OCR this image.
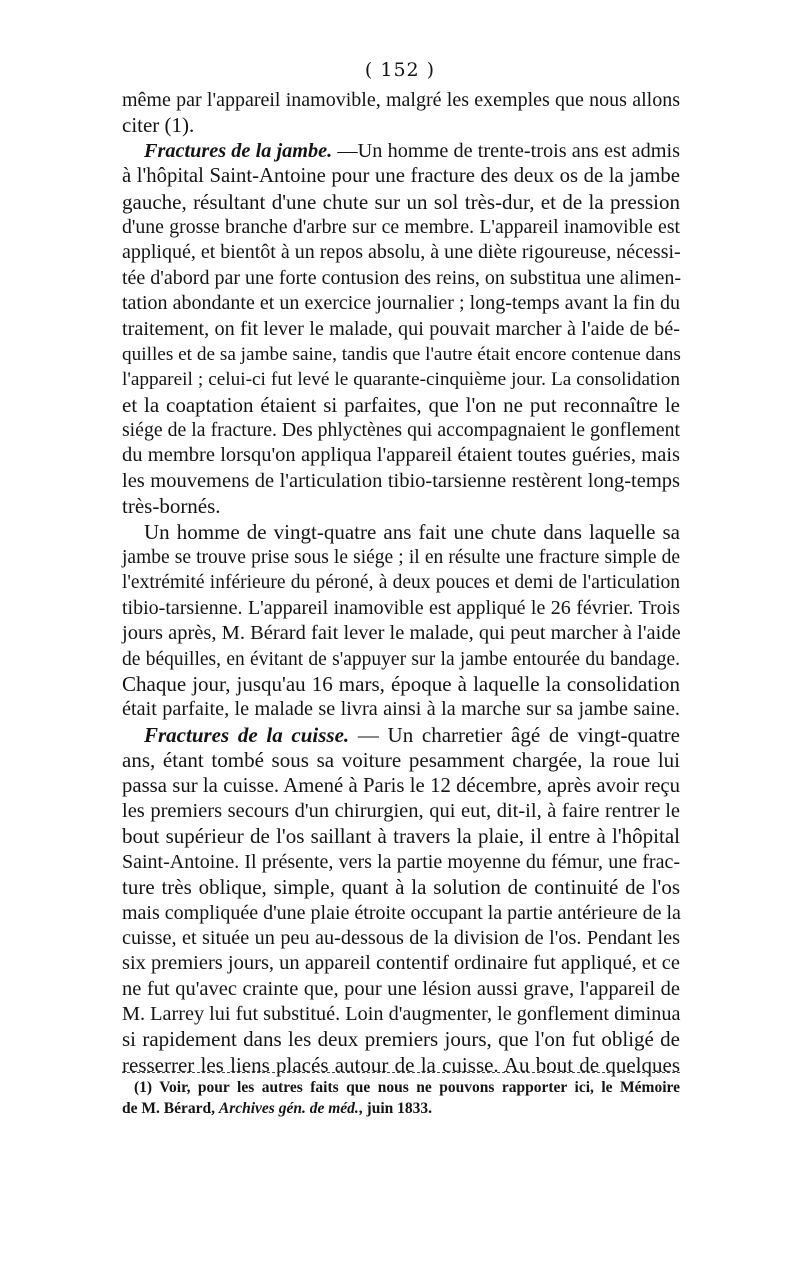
( 152 )
même par l'appareil inamovible, malgré les exemples que nous allons
citer (1).
Fractures de la jambe. —Un homme de trente-trois ans est admis
à l'hôpital Saint-Antoine pour une fracture des deux os de la jambe
gauche, résultant d'une chute sur un sol très-dur, et de la pression
d'une grosse branche d'arbre sur ce membre. L'appareil inamovible est
appliqué, et bientôt à un repos absolu, à une diète rigoureuse, nécessi-
tée d'abord par une forte contusion des reins, on substitua une alimen-
tation abondante et un exercice journalier ; long-temps avant la fin du
traitement, on fit lever le malade, qui pouvait marcher à l'aide de bé-
quilles et de sa jambe saine, tandis que l'autre était encore contenue dans
l'appareil ; celui-ci fut levé le quarante-cinquième jour. La consolidation
et la coaptation étaient si parfaites, que l'on ne put reconnaître le
siége de la fracture. Des phlyctènes qui accompagnaient le gonflement
du membre lorsqu'on appliqua l'appareil étaient toutes guéries, mais
les mouvemens de l'articulation tibio-tarsienne restèrent long-temps
très-bornés.
Un homme de vingt-quatre ans fait une chute dans laquelle sa
jambe se trouve prise sous le siége ; il en résulte une fracture simple de
l'extrémité inférieure du péroné, à deux pouces et demi de l'articulation
tibio-tarsienne. L'appareil inamovible est appliqué le 26 février. Trois
jours après, M. Bérard fait lever le malade, qui peut marcher à l'aide
de béquilles, en évitant de s'appuyer sur la jambe entourée du bandage.
Chaque jour, jusqu'au 16 mars, époque à laquelle la consolidation
était parfaite, le malade se livra ainsi à la marche sur sa jambe saine.
Fractures de la cuisse. — Un charretier âgé de vingt-quatre
ans, étant tombé sous sa voiture pesamment chargée, la roue lui
passa sur la cuisse. Amené à Paris le 12 décembre, après avoir reçu
les premiers secours d'un chirurgien, qui eut, dit-il, à faire rentrer le
bout supérieur de l'os saillant à travers la plaie, il entre à l'hôpital
Saint-Antoine. Il présente, vers la partie moyenne du fémur, une frac-
ture très oblique, simple, quant à la solution de continuité de l'os
mais compliquée d'une plaie étroite occupant la partie antérieure de la
cuisse, et située un peu au-dessous de la division de l'os. Pendant les
six premiers jours, un appareil contentif ordinaire fut appliqué, et ce
ne fut qu'avec crainte que, pour une lésion aussi grave, l'appareil de
M. Larrey lui fut substitué. Loin d'augmenter, le gonflement diminua
si rapidement dans les deux premiers jours, que l'on fut obligé de
resserrer les liens placés autour de la cuisse. Au bout de quelques
(1) Voir, pour les autres faits que nous ne pouvons rapporter ici, le Mémoire
de M. Bérard, Archives gén. de méd., juin 1833.
